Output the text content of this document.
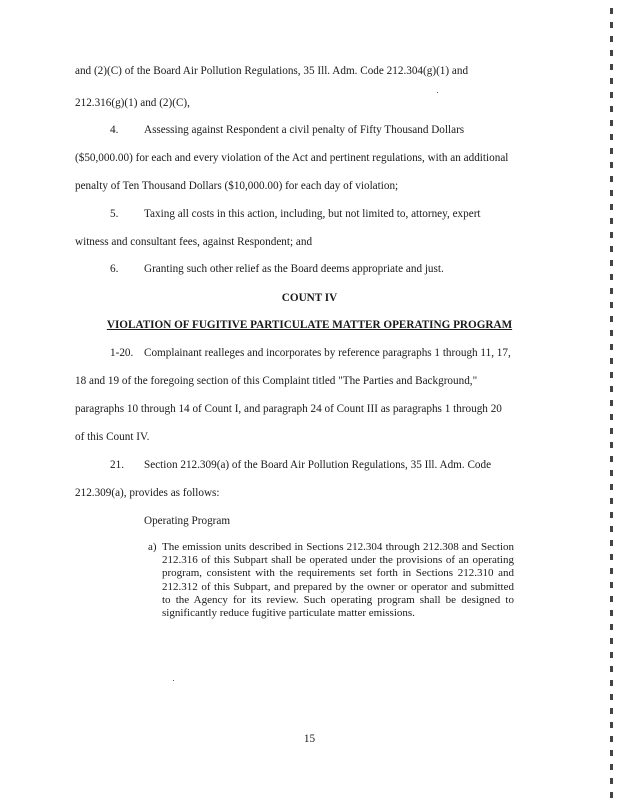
and (2)(C) of the Board Air Pollution Regulations, 35 Ill. Adm. Code 212.304(g)(1) and
212.316(g)(1) and (2)(C),
4. Assessing against Respondent a civil penalty of Fifty Thousand Dollars
($50,000.00) for each and every violation of the Act and pertinent regulations, with an additional
penalty of Ten Thousand Dollars ($10,000.00) for each day of violation;
5. Taxing all costs in this action, including, but not limited to, attorney, expert
witness and consultant fees, against Respondent; and
6. Granting such other relief as the Board deems appropriate and just.
COUNT IV
VIOLATION OF FUGITIVE PARTICULATE MATTER OPERATING PROGRAM
1-20. Complainant realleges and incorporates by reference paragraphs 1 through 11, 17,
18 and 19 of the foregoing section of this Complaint titled "The Parties and Background,"
paragraphs 10 through 14 of Count I, and paragraph 24 of Count III as paragraphs 1 through 20
of this Count IV.
21. Section 212.309(a) of the Board Air Pollution Regulations, 35 Ill. Adm. Code
212.309(a), provides as follows:
Operating Program
a) The emission units described in Sections 212.304 through 212.308 and Section 212.316 of this Subpart shall be operated under the provisions of an operating program, consistent with the requirements set forth in Sections 212.310 and 212.312 of this Subpart, and prepared by the owner or operator and submitted to the Agency for its review. Such operating program shall be designed to significantly reduce fugitive particulate matter emissions.
15
